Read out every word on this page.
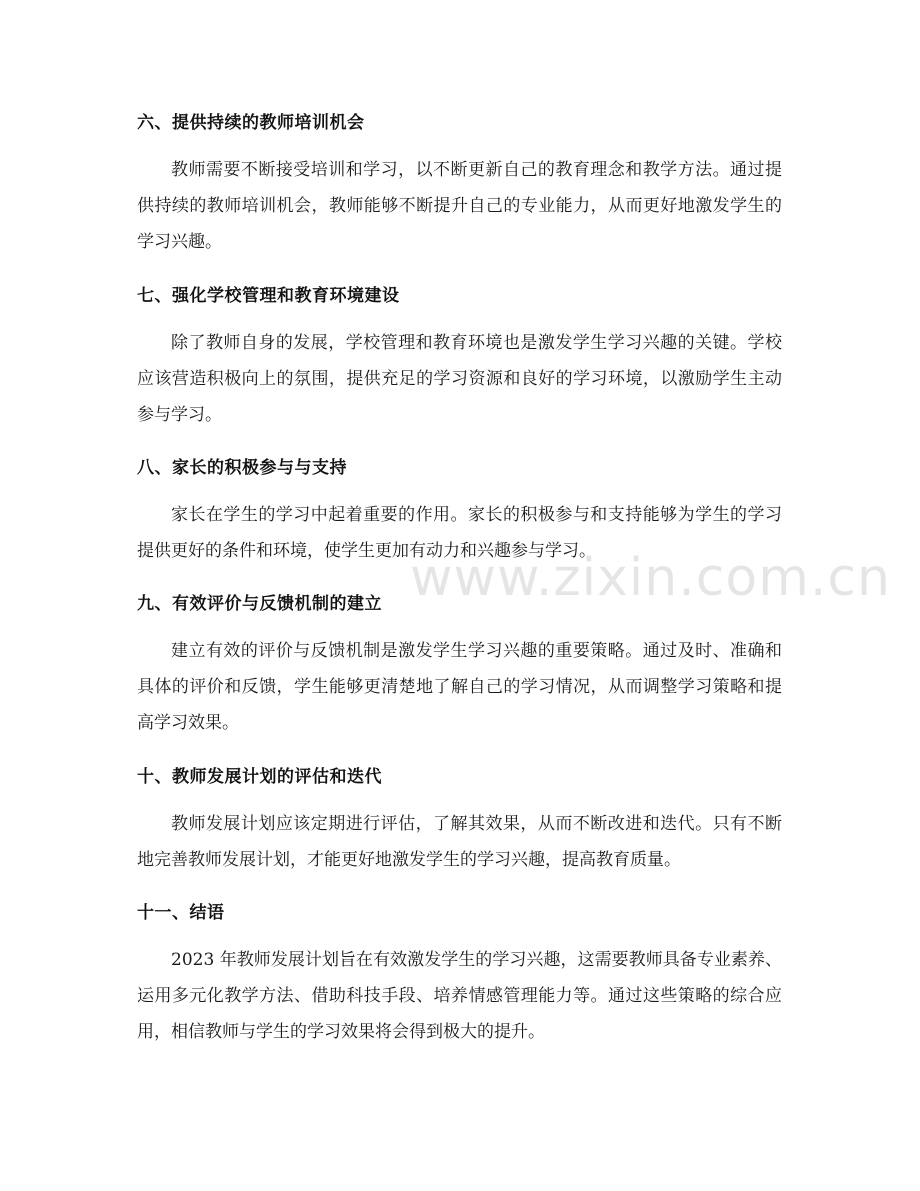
六、提供持续的教师培训机会

教师需要不断接受培训和学习，以不断更新自己的教育理念和教学方法。通过提供持续的教师培训机会，教师能够不断提升自己的专业能力，从而更好地激发学生的学习兴趣。

七、强化学校管理和教育环境建设

除了教师自身的发展，学校管理和教育环境也是激发学生学习兴趣的关键。学校应该营造积极向上的氛围，提供充足的学习资源和良好的学习环境，以激励学生主动参与学习。

八、家长的积极参与与支持

家长在学生的学习中起着重要的作用。家长的积极参与和支持能够为学生的学习提供更好的条件和环境，使学生更加有动力和兴趣参与学习。

九、有效评价与反馈机制的建立

建立有效的评价与反馈机制是激发学生学习兴趣的重要策略。通过及时、准确和具体的评价和反馈，学生能够更清楚地了解自己的学习情况，从而调整学习策略和提高学习效果。

十、教师发展计划的评估和迭代

教师发展计划应该定期进行评估，了解其效果，从而不断改进和迭代。只有不断地完善教师发展计划，才能更好地激发学生的学习兴趣，提高教育质量。

十一、结语

2023 年教师发展计划旨在有效激发学生的学习兴趣，这需要教师具备专业素养、运用多元化教学方法、借助科技手段、培养情感管理能力等。通过这些策略的综合应用，相信教师与学生的学习效果将会得到极大的提升。

www.zixin.com.cn
